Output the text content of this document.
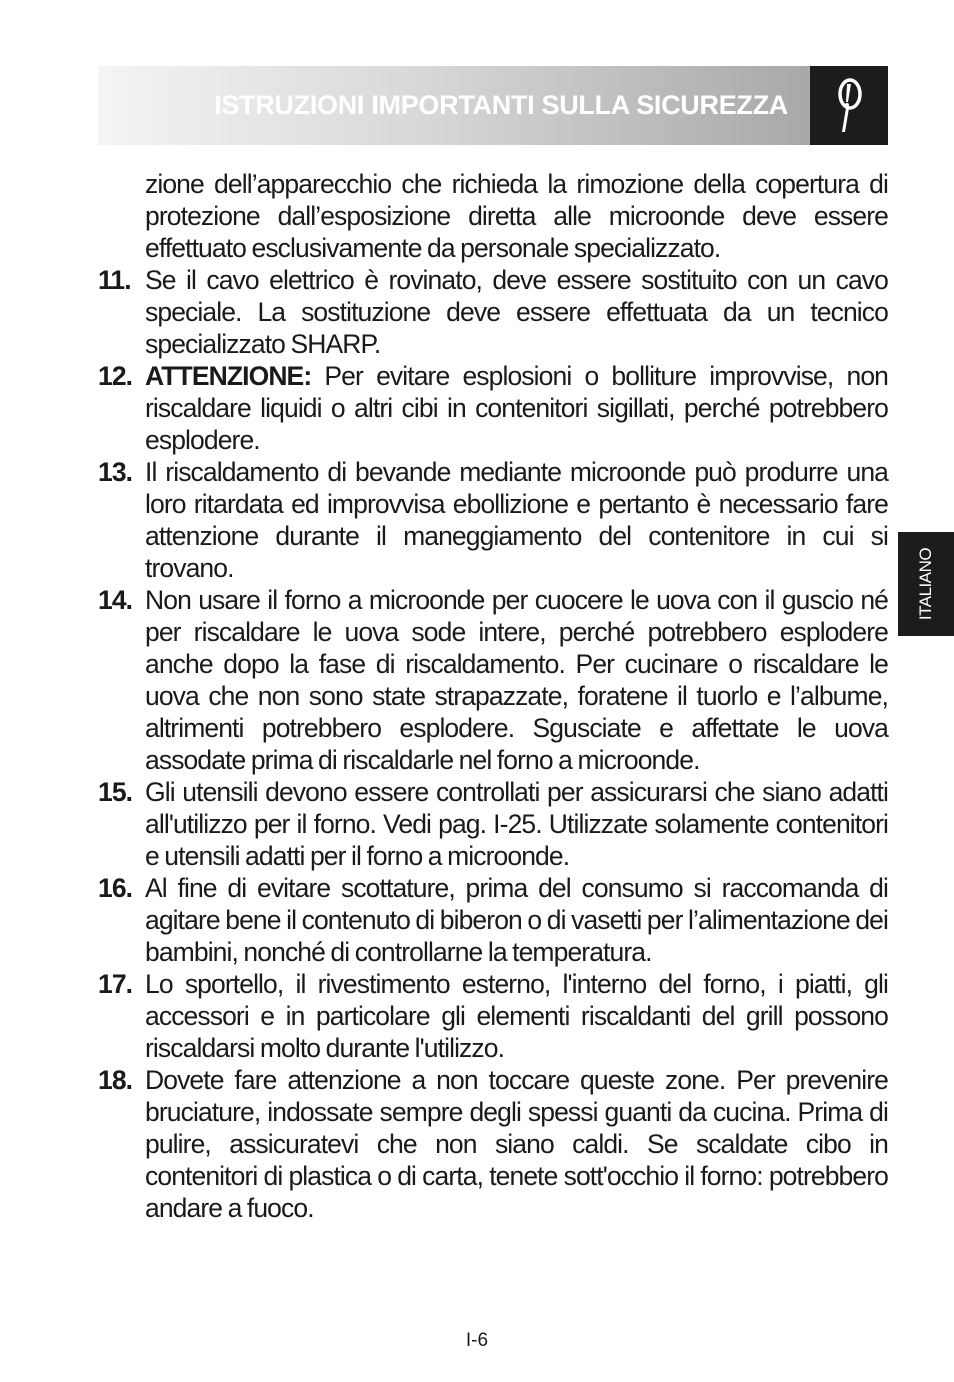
ISTRUZIONI IMPORTANTI SULLA SICUREZZA
zione dell’apparecchio che richieda la rimozione della copertura di protezione dall’esposizione diretta alle microonde deve essere effettuato esclusivamente da personale specializzato.
11. Se il cavo elettrico è rovinato, deve essere sostituito con un cavo speciale. La sostituzione deve essere effettuata da un tecnico specializzato SHARP.
12. ATTENZIONE: Per evitare esplosioni o bolliture improvvise, non riscaldare liquidi o altri cibi in contenitori sigillati, perché potrebbero esplodere.
13. Il riscaldamento di bevande mediante microonde può produrre una loro ritardata ed improvvisa ebollizione e pertanto è necessario fare attenzione durante il maneggiamento del contenitore in cui si trovano.
14. Non usare il forno a microonde per cuocere le uova con il guscio né per riscaldare le uova sode intere, perché potrebbero esplodere anche dopo la fase di riscaldamento. Per cucinare o riscaldare le uova che non sono state strapazzate, foratene il tuorlo e l’albume, altrimenti potrebbero esplodere. Sgusciate e affettate le uova assodate prima di riscaldarle nel forno a microonde.
15. Gli utensili devono essere controllati per assicurarsi che siano adatti all'utilizzo per il forno. Vedi pag. I-25. Utilizzate solamente contenitori e utensili adatti per il forno a microonde.
16. Al fine di evitare scottature, prima del consumo si raccomanda di agitare bene il contenuto di biberon o di vasetti per l’alimentazione dei bambini, nonché di controllarne la temperatura.
17. Lo sportello, il rivestimento esterno, l'interno del forno, i piatti, gli accessori e in particolare gli elementi riscaldanti del grill possono riscaldarsi molto durante l'utilizzo.
18. Dovete fare attenzione a non toccare queste zone. Per prevenire bruciature, indossate sempre degli spessi guanti da cucina. Prima di pulire, assicuratevi che non siano caldi. Se scaldate cibo in contenitori di plastica o di carta, tenete sott'occhio il forno: potrebbero andare a fuoco.
ITALIANO
I-6
